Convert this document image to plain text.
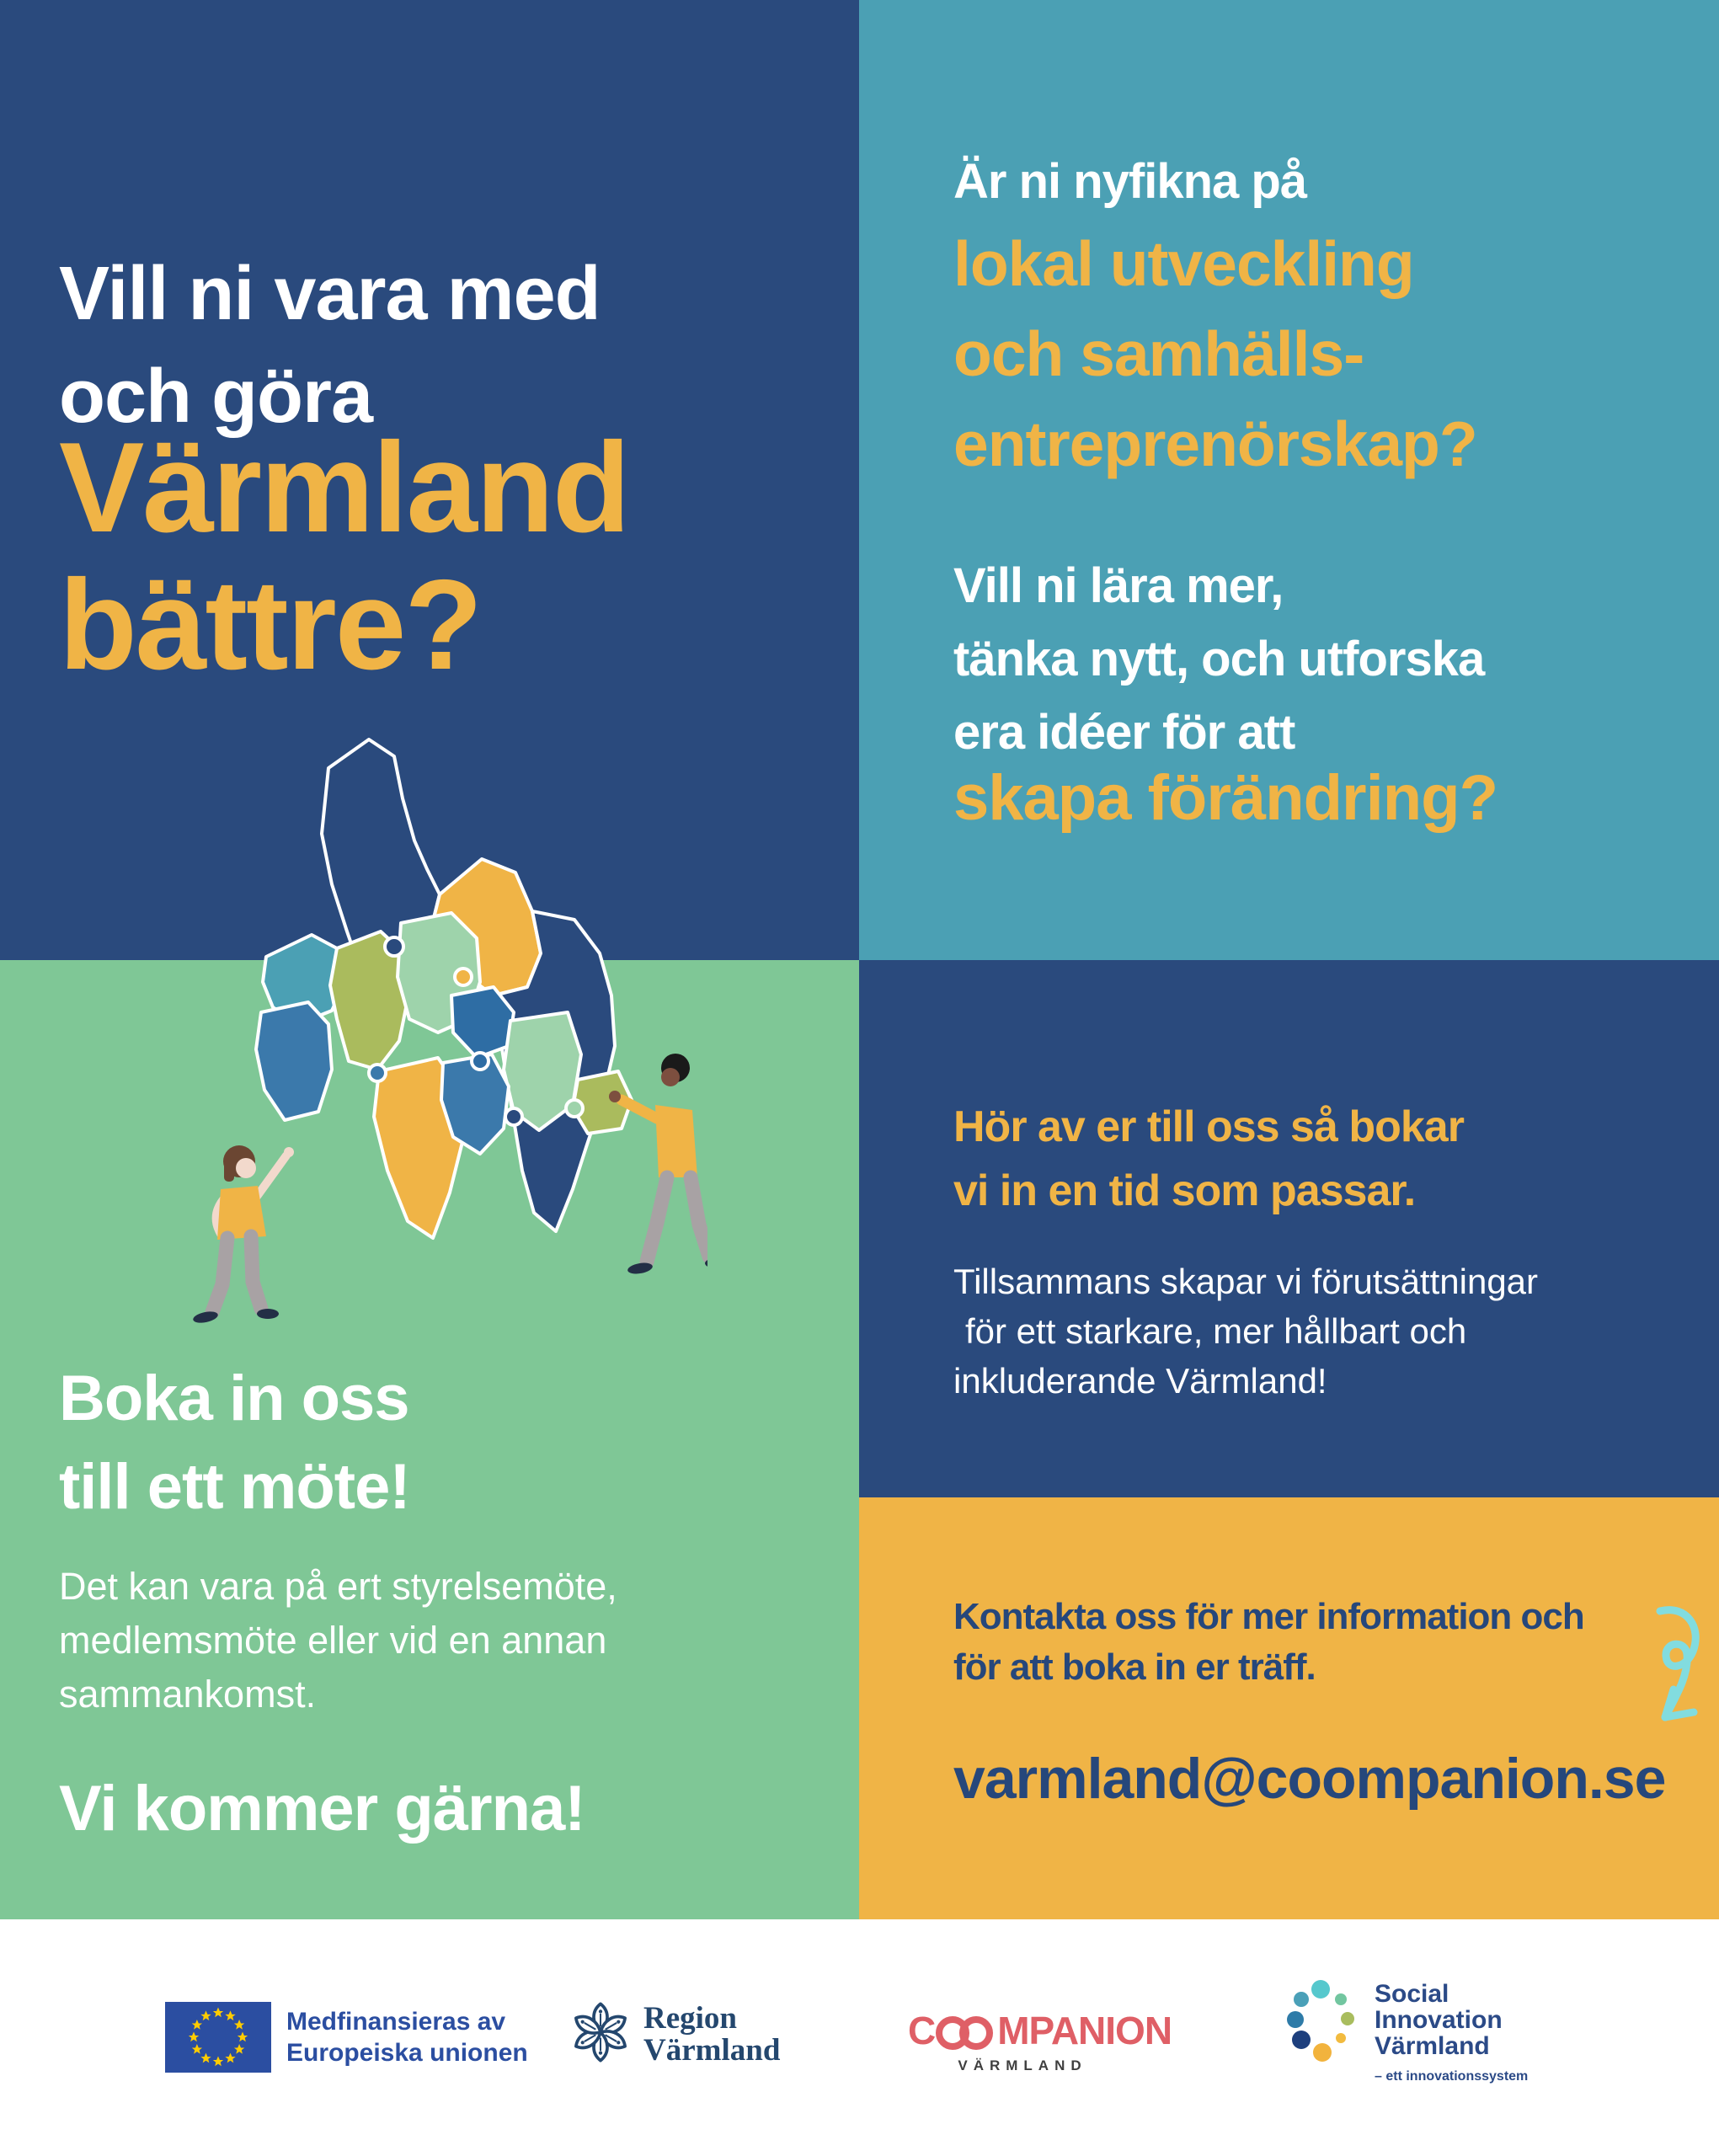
Vill ni vara med
och göra
Värmland
bättre?
Är ni nyfikna på
lokal utveckling
och samhälls-
entreprenörskap?
Vill ni lära mer,
tänka nytt, och utforska
era idéer för att
skapa förändring?
Hör av er till oss så bokar
vi in en tid som passar.
Tillsammans skapar vi förutsättningar
för ett starkare, mer hållbart och
inkluderande Värmland!
Kontakta oss för mer information och
för att boka in er träff.
varmland@coompanion.se
Boka in oss
till ett möte!
Det kan vara på ert styrelsemöte,
medlemsmöte eller vid en annan
sammankomst.
Vi kommer gärna!
Medfinansieras av
Europeiska unionen
Region
Värmland	C MPANION
VÄRMLAND
Social
Innovation
Värmland
– ett innovationssystem
